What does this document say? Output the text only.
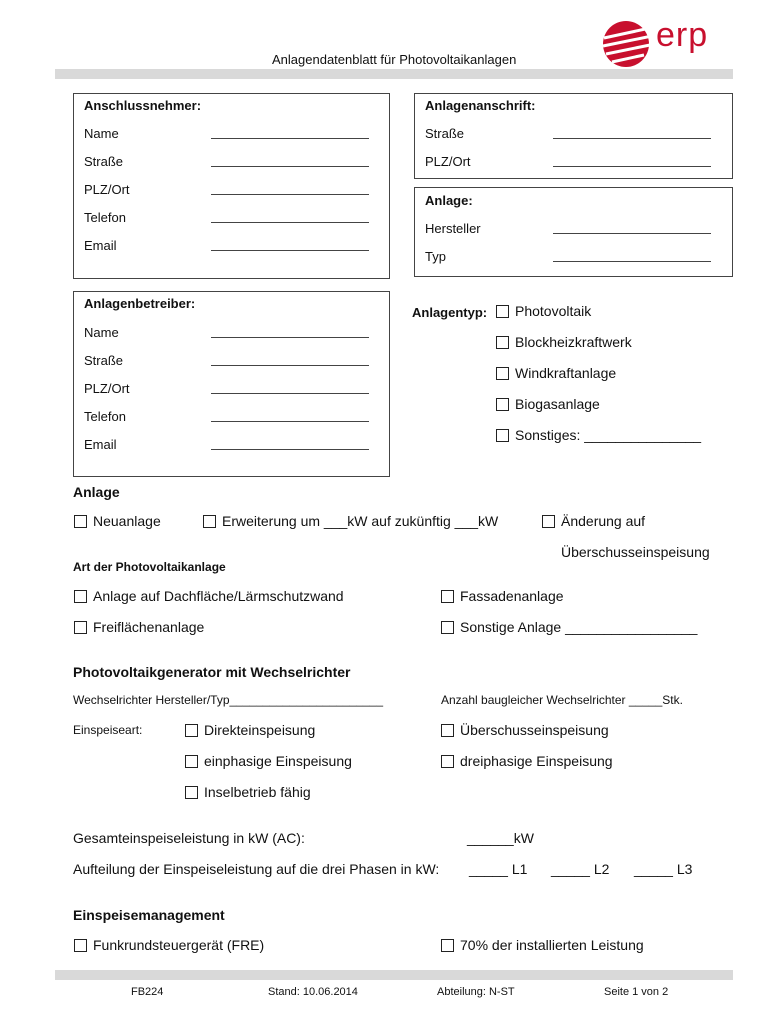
erp
Anlagendatenblatt für Photovoltaikanlagen
Anschlussnehmer:
Name
Straße
PLZ/Ort
Telefon
Email
Anlagenanschrift:
Straße
PLZ/Ort
Anlage:
Hersteller
Typ
Anlagenbetreiber:
Name
Straße
PLZ/Ort
Telefon
Email
Anlagentyp:	Photovoltaik
Blockheizkraftwerk
Windkraftanlage
Biogasanlage
Sonstiges: _______________
Anlage
Neuanlage	Erweiterung um ___kW auf zukünftig ___kW	Änderung auf
Überschusseinspeisung
Art der Photovoltaikanlage
Anlage auf Dachfläche/Lärmschutzwand	Fassadenanlage
Freiflächenanlage	Sonstige Anlage _________________
Photovoltaikgenerator mit Wechselrichter
Wechselrichter Hersteller/Typ_______________________	Anzahl baugleicher Wechselrichter _____Stk.
Einspeiseart:	Direkteinspeisung	Überschusseinspeisung
einphasige Einspeisung	dreiphasige Einspeisung
Inselbetrieb fähig
Gesamteinspeiseleistung in kW (AC):	______kW
Aufteilung der Einspeiseleistung auf die drei Phasen in kW: _____ L1 _____ L2 _____ L3
Einspeisemanagement
Funkrundsteuergerät (FRE)	70% der installierten Leistung
FB224	Stand: 10.06.2014	Abteilung: N-ST	Seite 1 von 2
